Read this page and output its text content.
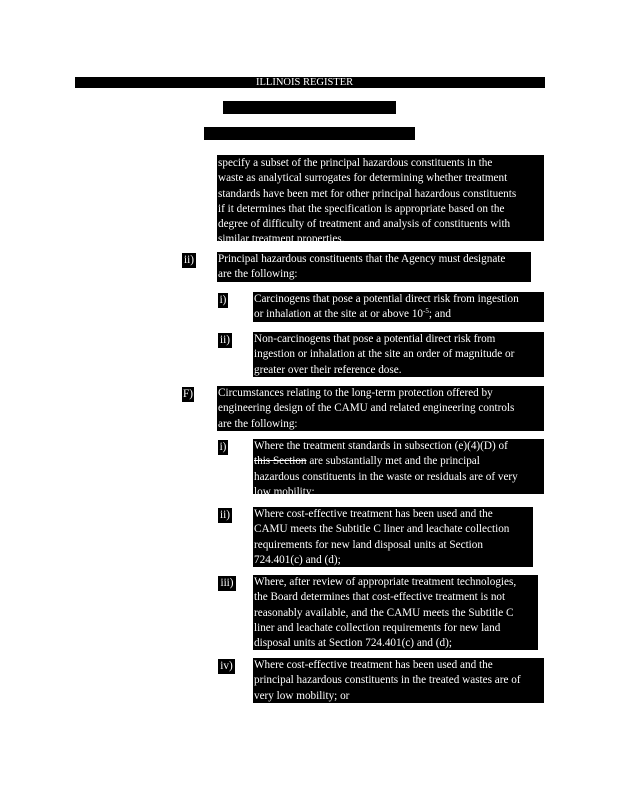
ILLINOIS REGISTER

POLLUTION CONTROL BOARD

NOTICE OF ADOPTED AMENDMENTS

specify a subset of the principal hazardous constituents in the
waste as analytical surrogates for determining whether treatment
standards have been met for other principal hazardous constituents
if it determines that the specification is appropriate based on the
degree of difficulty of treatment and analysis of constituents with
similar treatment properties.
ii) Principal hazardous constituents that the Agency must designate
are the following:
i) Carcinogens that pose a potential direct risk from ingestion
or inhalation at the site at or above $10^{-5}$; and
ii) Non-carcinogens that pose a potential direct risk from
ingestion or inhalation at the site an order of magnitude or
greater over their reference dose.
F) Circumstances relating to the long-term protection offered by
engineering design of the CAMU and related engineering controls
are the following:
i) Where the treatment standards in subsection (e)(4)(D) of
this Section are substantially met and the principal
hazardous constituents in the waste or residuals are of very
low mobility;
ii) Where cost-effective treatment has been used and the
CAMU meets the Subtitle C liner and leachate collection
requirements for new land disposal units at Section
724.401(c) and (d);
iii) Where, after review of appropriate treatment technologies,
the Board determines that cost-effective treatment is not
reasonably available, and the CAMU meets the Subtitle C
liner and leachate collection requirements for new land
disposal units at Section 724.401(c) and (d);
iv) Where cost-effective treatment has been used and the
principal hazardous constituents in the treated wastes are of
very low mobility; or
